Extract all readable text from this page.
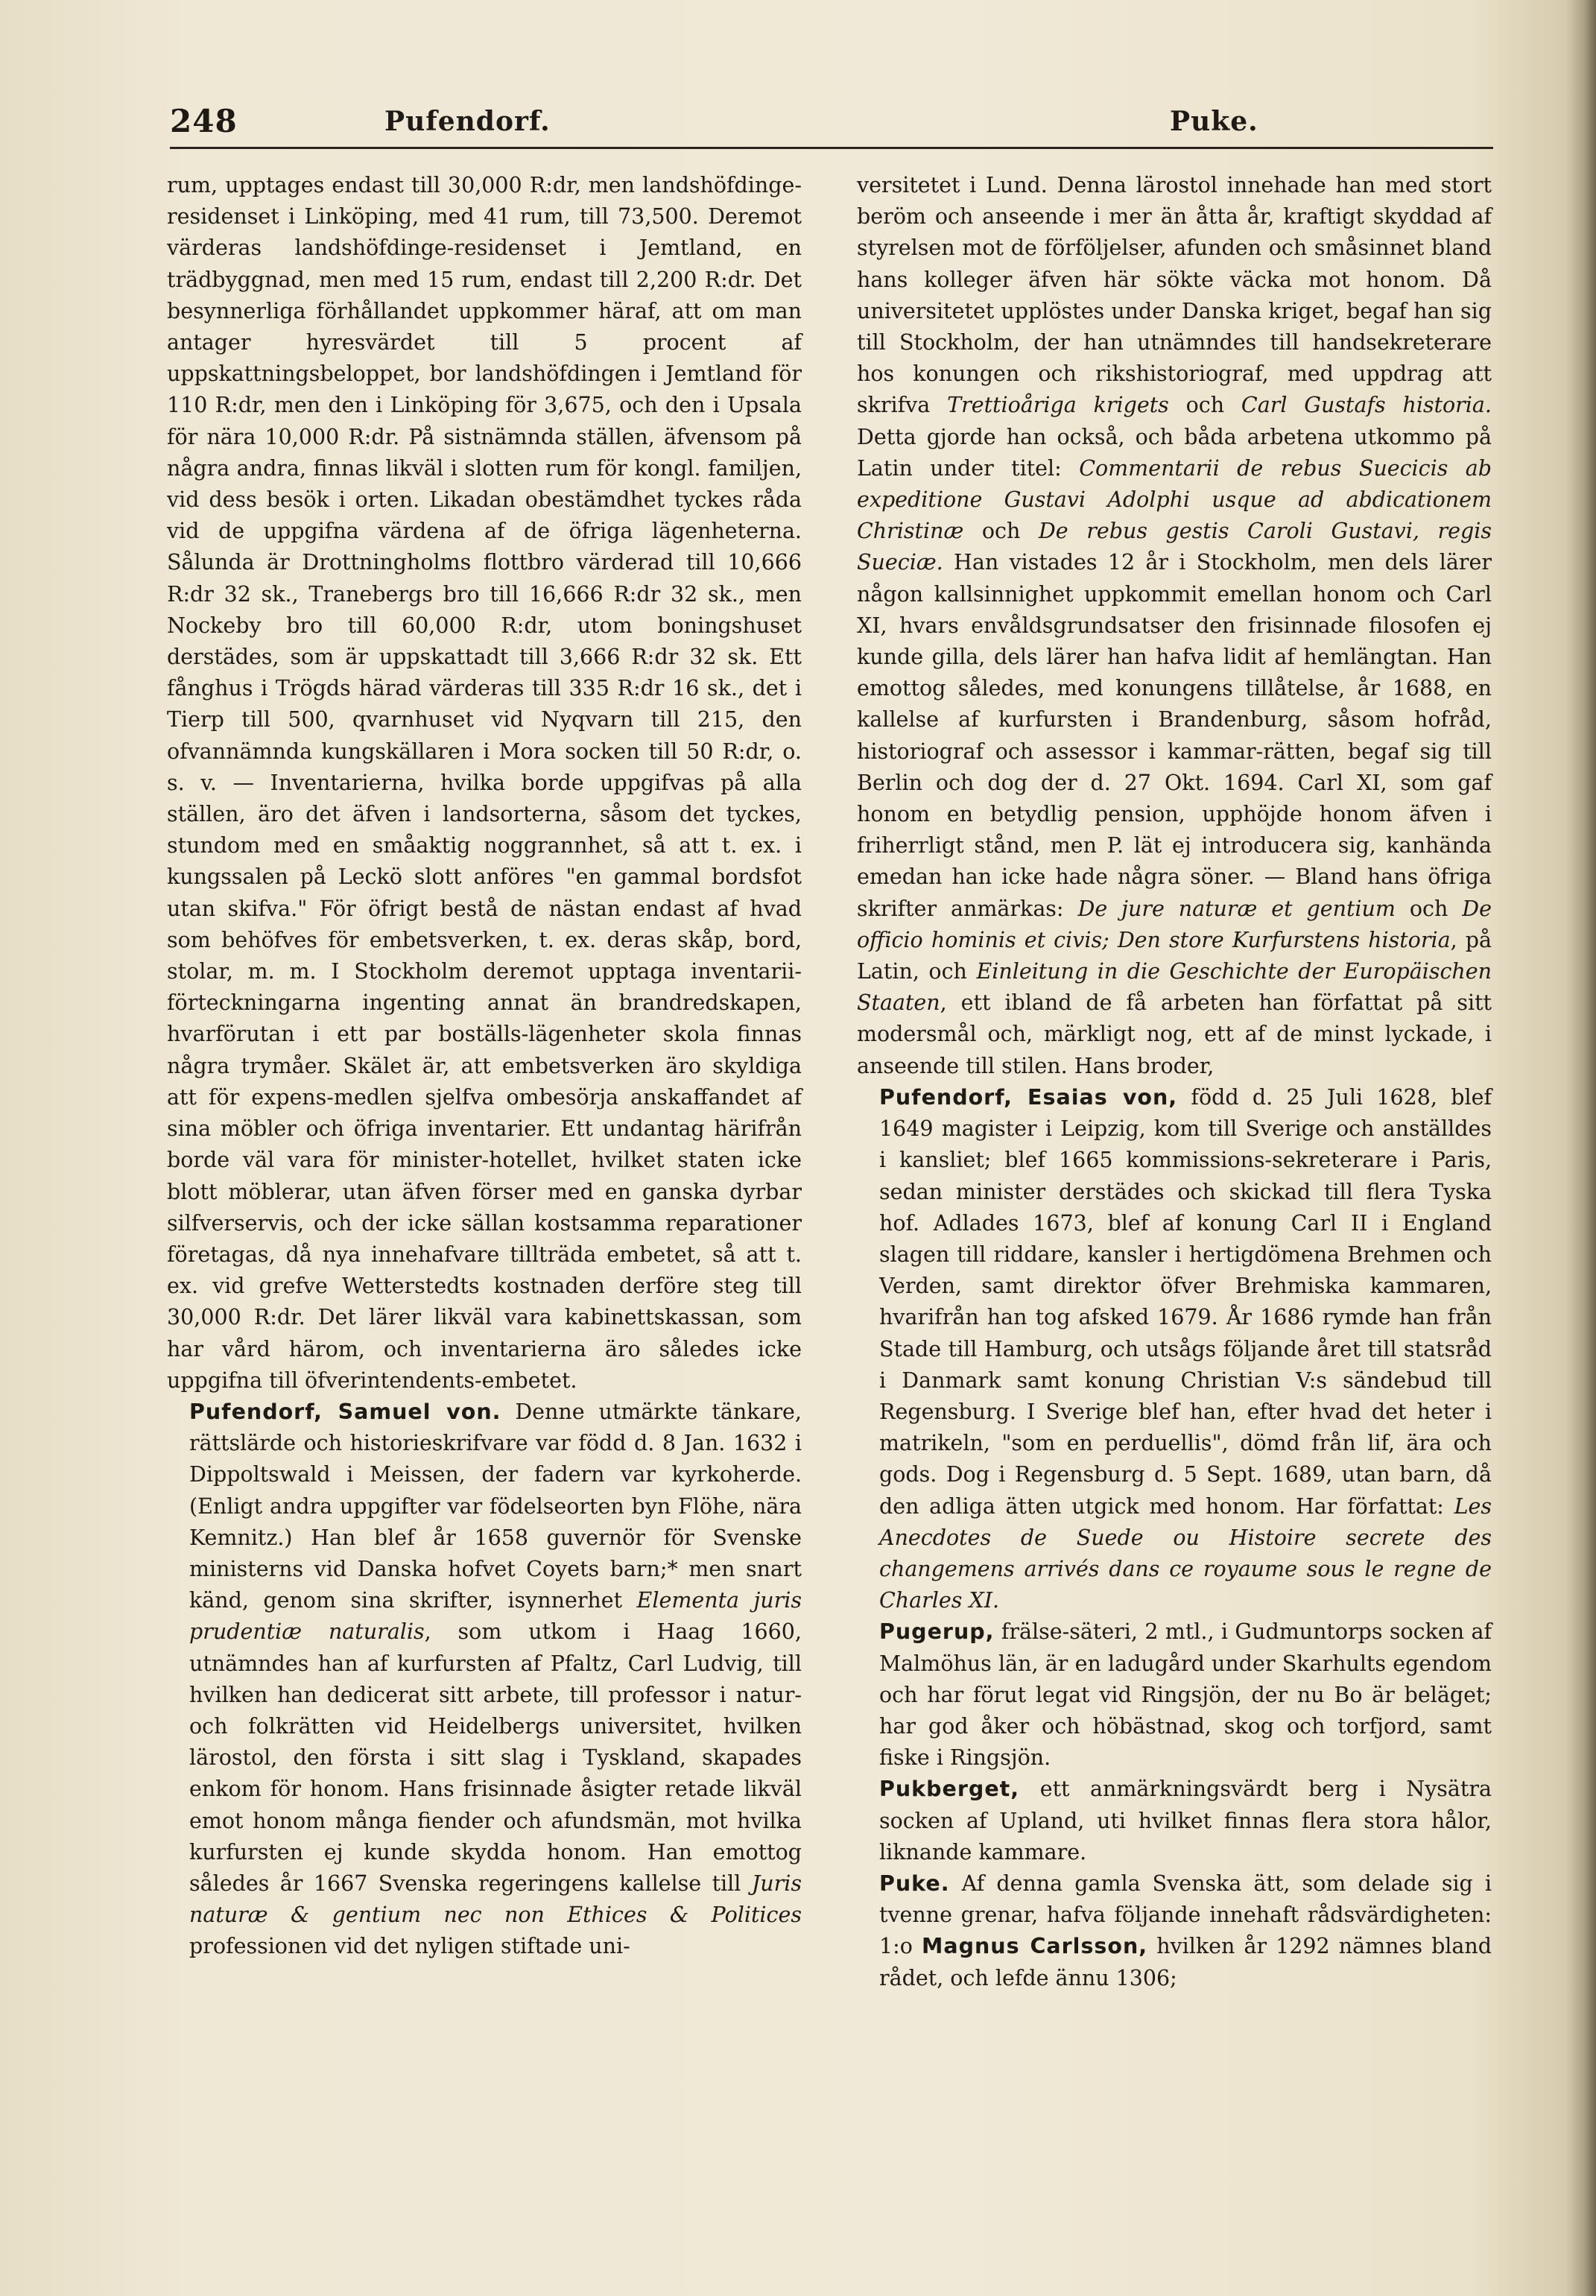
248	Pufendorf.	Puke.

rum, upptages endast till 30,000 R:dr, men landshöfdinge-residenset i Linköping, med 41 rum, till 73,500. Deremot värderas landshöfdinge-residenset i Jemtland, en trädbyggnad, men med 15 rum, endast till 2,200 R:dr. Det besynnerliga förhållandet uppkommer häraf, att om man antager hyresvärdet till 5 procent af uppskattningsbeloppet, bor landshöfdingen i Jemtland för 110 R:dr, men den i Linköping för 3,675, och den i Upsala för nära 10,000 R:dr. På sistnämnda ställen, äfvensom på några andra, finnas likväl i slotten rum för kongl. familjen, vid dess besök i orten. Likadan obestämdhet tyckes råda vid de uppgifna värdena af de öfriga lägenheterna. Sålunda är Drottningholms flottbro värderad till 10,666 R:dr 32 sk., Tranebergs bro till 16,666 R:dr 32 sk., men Nockeby bro till 60,000 R:dr, utom boningshuset derstädes, som är uppskattadt till 3,666 R:dr 32 sk. Ett fånghus i Trögds härad värderas till 335 R:dr 16 sk., det i Tierp till 500, qvarnhuset vid Nyqvarn till 215, den ofvannämnda kungskällaren i Mora socken till 50 R:dr, o. s. v. — Inventarierna, hvilka borde uppgifvas på alla ställen, äro det äfven i landsorterna, såsom det tyckes, stundom med en småaktig noggrannhet, så att t. ex. i kungssalen på Leckö slott anföres "en gammal bordsfot utan skifva." För öfrigt bestå de nästan endast af hvad som behöfves för embetsverken, t. ex. deras skåp, bord, stolar, m. m. I Stockholm deremot upptaga inventarii-förteckningarna ingenting annat än brandredskapen, hvarförutan i ett par boställs-lägenheter skola finnas några trymåer. Skälet är, att embetsverken äro skyldiga att för expens-medlen sjelfva ombesörja anskaffandet af sina möbler och öfriga inventarier. Ett undantag härifrån borde väl vara för minister-hotellet, hvilket staten icke blott möblerar, utan äfven förser med en ganska dyrbar silfverservis, och der icke sällan kostsamma reparationer företagas, då nya innehafvare tillträda embetet, så att t. ex. vid grefve Wetterstedts kostnaden derföre steg till 30,000 R:dr. Det lärer likväl vara kabinettskassan, som har vård härom, och inventarierna äro således icke uppgifna till öfverintendents-embetet.

Pufendorf, Samuel von. Denne utmärkte tänkare, rättslärde och historieskrifvare var född d. 8 Jan. 1632 i Dippoltswald i Meissen, der fadern var kyrkoherde. (Enligt andra uppgifter var födelseorten byn Flöhe, nära Kemnitz.) Han blef år 1658 guvernör för Svenske ministerns vid Danska hofvet Coyets barn;* men snart känd, genom sina skrifter, isynnerhet Elementa juris prudentiæ naturalis, som utkom i Haag 1660, utnämndes han af kurfursten af Pfaltz, Carl Ludvig, till hvilken han dedicerat sitt arbete, till professor i natur- och folkrätten vid Heidelbergs universitet, hvilken lärostol, den första i sitt slag i Tyskland, skapades enkom för honom. Hans frisinnade åsigter retade likväl emot honom många fiender och afundsmän, mot hvilka kurfursten ej kunde skydda honom. Han emottog således år 1667 Svenska regeringens kallelse till Juris naturæ & gentium nec non Ethices & Politices professionen vid det nyligen stiftade uni-

versitetet i Lund. Denna lärostol innehade han med stort beröm och anseende i mer än åtta år, kraftigt skyddad af styrelsen mot de förföljelser, afunden och småsinnet bland hans kolleger äfven här sökte väcka mot honom. Då universitetet upplöstes under Danska kriget, begaf han sig till Stockholm, der han utnämndes till handsekreterare hos konungen och rikshistoriograf, med uppdrag att skrifva Trettioåriga krigets och Carl Gustafs historia. Detta gjorde han också, och båda arbetena utkommo på Latin under titel: Commentarii de rebus Suecicis ab expeditione Gustavi Adolphi usque ad abdicationem Christinæ och De rebus gestis Caroli Gustavi, regis Sueciæ. Han vistades 12 år i Stockholm, men dels lärer någon kallsinnighet uppkommit emellan honom och Carl XI, hvars envåldsgrundsatser den frisinnade filosofen ej kunde gilla, dels lärer han hafva lidit af hemlängtan. Han emottog således, med konungens tillåtelse, år 1688, en kallelse af kurfursten i Brandenburg, såsom hofråd, historiograf och assessor i kammar-rätten, begaf sig till Berlin och dog der d. 27 Okt. 1694. Carl XI, som gaf honom en betydlig pension, upphöjde honom äfven i friherrligt stånd, men P. lät ej introducera sig, kanhända emedan han icke hade några söner. — Bland hans öfriga skrifter anmärkas: De jure naturæ et gentium och De officio hominis et civis; Den store Kurfurstens historia, på Latin, och Einleitung in die Geschichte der Europäischen Staaten, ett ibland de få arbeten han författat på sitt modersmål och, märkligt nog, ett af de minst lyckade, i anseende till stilen. Hans broder,

Pufendorf, Esaias von, född d. 25 Juli 1628, blef 1649 magister i Leipzig, kom till Sverige och anställdes i kansliet; blef 1665 kommissions-sekreterare i Paris, sedan minister derstädes och skickad till flera Tyska hof. Adlades 1673, blef af konung Carl II i England slagen till riddare, kansler i hertigdömena Brehmen och Verden, samt direktor öfver Brehmiska kammaren, hvarifrån han tog afsked 1679. År 1686 rymde han från Stade till Hamburg, och utsågs följande året till statsråd i Danmark samt konung Christian V:s sändebud till Regensburg. I Sverige blef han, efter hvad det heter i matrikeln, "som en perduellis", dömd från lif, ära och gods. Dog i Regensburg d. 5 Sept. 1689, utan barn, då den adliga ätten utgick med honom. Har författat: Les Anecdotes de Suede ou Histoire secrete des changemens arrivés dans ce royaume sous le regne de Charles XI.

Pugerup, frälse-säteri, 2 mtl., i Gudmuntorps socken af Malmöhus län, är en ladugård under Skarhults egendom och har förut legat vid Ringsjön, der nu Bo är beläget; har god åker och höbästnad, skog och torfjord, samt fiske i Ringsjön.

Pukberget, ett anmärkningsvärdt berg i Nysätra socken af Upland, uti hvilket finnas flera stora hålor, liknande kammare.

Puke. Af denna gamla Svenska ätt, som delade sig i tvenne grenar, hafva följande innehaft rådsvärdigheten: 1:o Magnus Carlsson, hvilken år 1292 nämnes bland rådet, och lefde ännu 1306;
